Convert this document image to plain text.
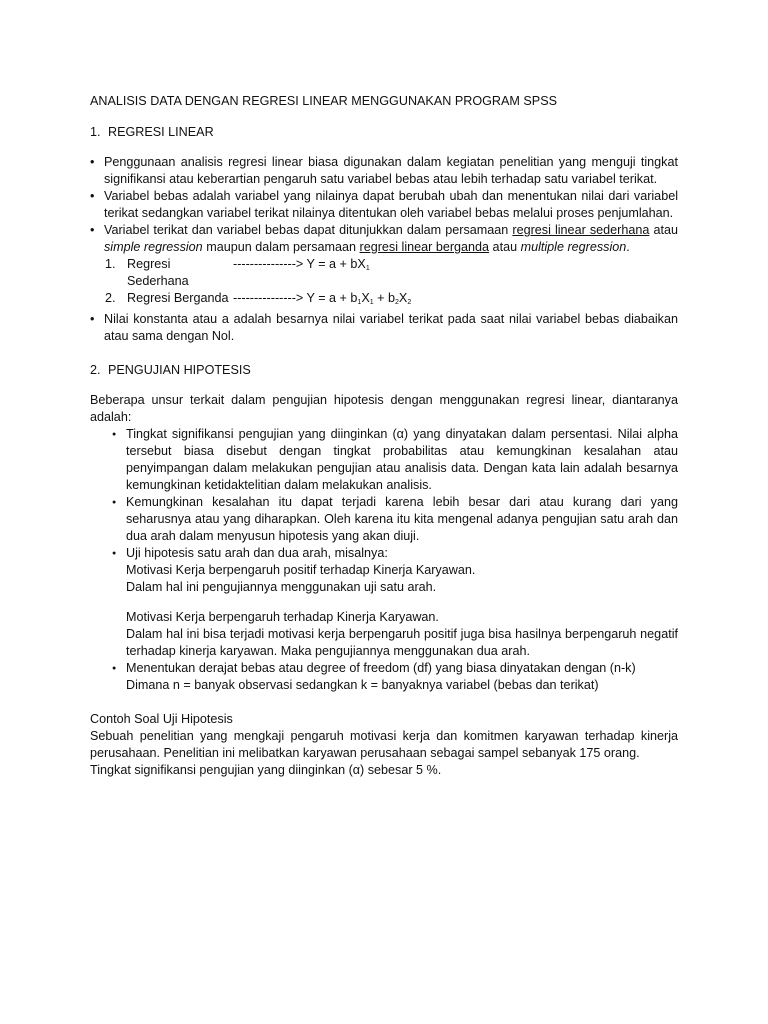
ANALISIS DATA DENGAN REGRESI LINEAR MENGGUNAKAN PROGRAM SPSS
1. REGRESI LINEAR
• Penggunaan analisis regresi linear biasa digunakan dalam kegiatan penelitian yang menguji tingkat signifikansi atau keberartian pengaruh satu variabel bebas atau lebih terhadap satu variabel terikat.
• Variabel bebas adalah variabel yang nilainya dapat berubah ubah dan menentukan nilai dari variabel terikat sedangkan variabel terikat nilainya ditentukan oleh variabel bebas melalui proses penjumlahan.
• Variabel terikat dan variabel bebas dapat ditunjukkan dalam persamaan regresi linear sederhana atau simple regression maupun dalam persamaan regresi linear berganda atau multiple regression.
1. Regresi Sederhana
---------------> $Y = a + bX_1$
2. Regresi Berganda ---------------> $Y = a + b_1X_1 + b_2X_2$
• Nilai konstanta atau a adalah besarnya nilai variabel terikat pada saat nilai variabel bebas diabaikan atau sama dengan Nol.
2. PENGUJIAN HIPOTESIS

Beberapa unsur terkait dalam pengujian hipotesis dengan menggunakan regresi linear, diantaranya adalah:

● Tingkat signifikansi pengujian yang diinginkan (α) yang dinyatakan dalam persentasi. Nilai alpha tersebut biasa disebut dengan tingkat probabilitas atau kemungkinan kesalahan atau penyimpangan dalam melakukan pengujian atau analisis data. Dengan kata lain adalah besarnya kemungkinan ketidaktelitian dalam melakukan analisis.
● Kemungkinan kesalahan itu dapat terjadi karena lebih besar dari atau kurang dari yang seharusnya atau yang diharapkan. Oleh karena itu kita mengenal adanya pengujian satu arah dan dua arah dalam menyusun hipotesis yang akan diuji.
● Uji hipotesis satu arah dan dua arah, misalnya:
Motivasi Kerja berpengaruh positif terhadap Kinerja Karyawan.
Dalam hal ini pengujiannya menggunakan uji satu arah.
Motivasi Kerja berpengaruh terhadap Kinerja Karyawan.
Dalam hal ini bisa terjadi motivasi kerja berpengaruh positif juga bisa hasilnya berpengaruh negatif terhadap kinerja karyawan. Maka pengujiannya menggunakan dua arah.
● Menentukan derajat bebas atau degree of freedom (df) yang biasa dinyatakan dengan (n-k)
Dimana n = banyak observasi sedangkan k = banyaknya variabel (bebas dan terikat)

Contoh Soal Uji Hipotesis

Sebuah penelitian yang mengkaji pengaruh motivasi kerja dan komitmen karyawan terhadap kinerja perusahaan. Penelitian ini melibatkan karyawan perusahaan sebagai sampel sebanyak 175 orang.

Tingkat signifikansi pengujian yang diinginkan (α) sebesar 5 %.
